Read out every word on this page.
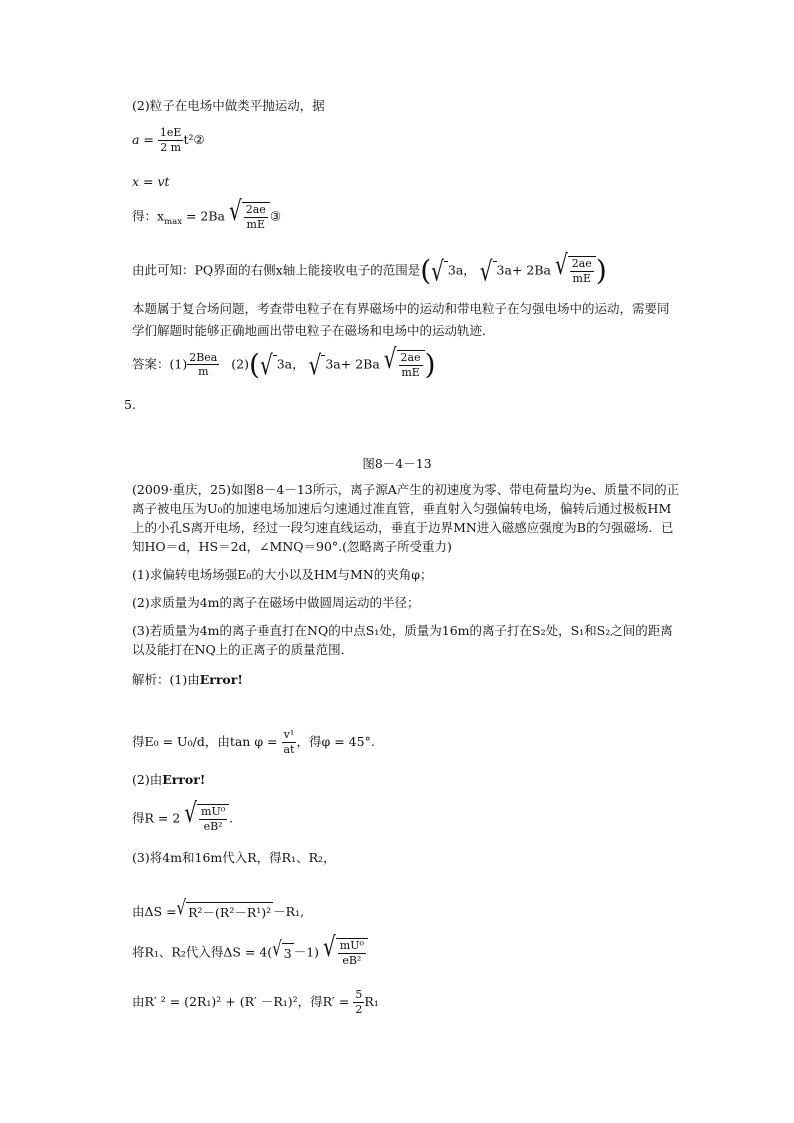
(2)粒子在电场中做类平抛运动，据
$a = \frac{1eE}{2 m}$ t²②
x = vt
得：$x_{max} = 2Ba$ √ $\frac{2ae}{mE}$ ③
由此可知：PQ界面的右侧x轴上能接收电子的范围是( √ 3a， √ 3a+ 2Ba √ $\frac{2ae}{mE}$ )
本题属于复合场问题，考查带电粒子在有界磁场中的运动和带电粒子在匀强电场中的运动，需要同学们解题时能够正确地画出带电粒子在磁场和电场中的运动轨迹．
答案：$(1) \frac{\text{2Bea}}{m} (2)$( √ 3a， √ 3a+ 2Ba √ $\frac{2ae}{mE}$ )
5.
图8－4－13
(2009·重庆，25)如图8－4－13所示，离子源A产生的初速度为零、带电荷量均为e、质量不同的正离子被电压为U₀的加速电场加速后匀速通过准直管，垂直射入匀强偏转电场，偏转后通过极板HM上的小孔S离开电场，经过一段匀速直线运动，垂直于边界MN进入磁感应强度为B的匀强磁场．已知HO＝d，HS＝2d，∠MNQ＝90°.(忽略离子所受重力)
(1)求偏转电场场强E₀的大小以及HM与MN的夹角φ；
(2)求质量为4m的离子在磁场中做圆周运动的半径；
(3)若质量为4m的离子垂直打在NQ的中点S₁处，质量为16m的离子打在S₂处，S₁和S₂之间的距离以及能打在NQ上的正离子的质量范围．
解析：(1)由Error!
得E₀ = U₀/d，由$\tan \varphi = \frac{\text{v¹}}{at}$ ，得φ = 45°.
(2)由Error!
得R = 2 √ $\frac{\text{mU⁰}}{\text{eB²}}$ .
(3)将4m和16m代入R，得R₁、R₂，
由ΔS = √ R²－(R²－R¹)² －R₁,
将R₁、R₂代入得ΔS = 4( √ 3 －1) √ $\frac{\text{mU⁰}}{\text{eB²}}$
由R′ ² = (2R₁)² + (R′ －R₁)²，得$R' = \frac{5}{2} R_1$
